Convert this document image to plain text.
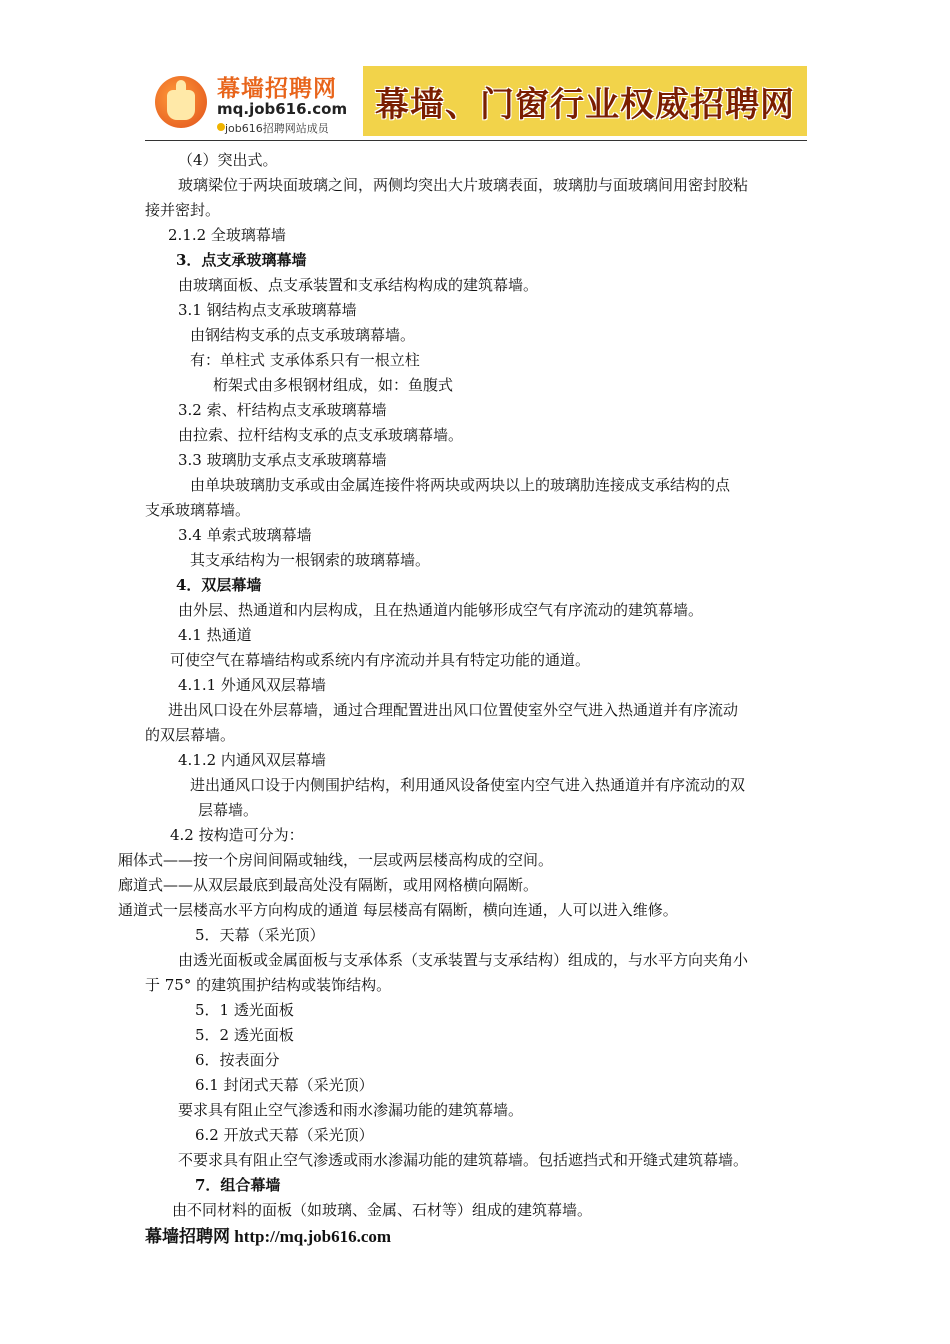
幕墙招聘网
mq.job616.com
job616招聘网站成员
幕墙、门窗行业权威招聘网
（4）突出式。
玻璃梁位于两块面玻璃之间，两侧均突出大片玻璃表面，玻璃肋与面玻璃间用密封胶粘
接并密封。
2.1.2 全玻璃幕墙
3．点支承玻璃幕墙
由玻璃面板、点支承装置和支承结构构成的建筑幕墙。
3.1 钢结构点支承玻璃幕墙
由钢结构支承的点支承玻璃幕墙。
有：单柱式 支承体系只有一根立柱
桁架式由多根钢材组成，如：鱼腹式
3.2 索、杆结构点支承玻璃幕墙
由拉索、拉杆结构支承的点支承玻璃幕墙。
3.3 玻璃肋支承点支承玻璃幕墙
由单块玻璃肋支承或由金属连接件将两块或两块以上的玻璃肋连接成支承结构的点
支承玻璃幕墙。
3.4 单索式玻璃幕墙
其支承结构为一根钢索的玻璃幕墙。
4．双层幕墙
由外层、热通道和内层构成，且在热通道内能够形成空气有序流动的建筑幕墙。
4.1 热通道
可使空气在幕墙结构或系统内有序流动并具有特定功能的通道。
4.1.1 外通风双层幕墙
进出风口设在外层幕墙，通过合理配置进出风口位置使室外空气进入热通道并有序流动
的双层幕墙。
4.1.2 内通风双层幕墙
进出通风口设于内侧围护结构，利用通风设备使室内空气进入热通道并有序流动的双
层幕墙。
4.2 按构造可分为：
厢体式——按一个房间间隔或轴线，一层或两层楼高构成的空间。
廊道式——从双层最底到最高处没有隔断，或用网格横向隔断。
通道式一层楼高水平方向构成的通道 每层楼高有隔断，横向连通，人可以进入维修。
5．天幕（采光顶）
由透光面板或金属面板与支承体系（支承装置与支承结构）组成的，与水平方向夹角小
于 75° 的建筑围护结构或装饰结构。
5．1 透光面板
5．2 透光面板
6．按表面分
6.1 封闭式天幕（采光顶）
要求具有阻止空气渗透和雨水渗漏功能的建筑幕墙。
6.2 开放式天幕（采光顶）
不要求具有阻止空气渗透或雨水渗漏功能的建筑幕墙。包括遮挡式和开缝式建筑幕墙。
7．组合幕墙
由不同材料的面板（如玻璃、金属、石材等）组成的建筑幕墙。
幕墙招聘网 http://mq.job616.com
